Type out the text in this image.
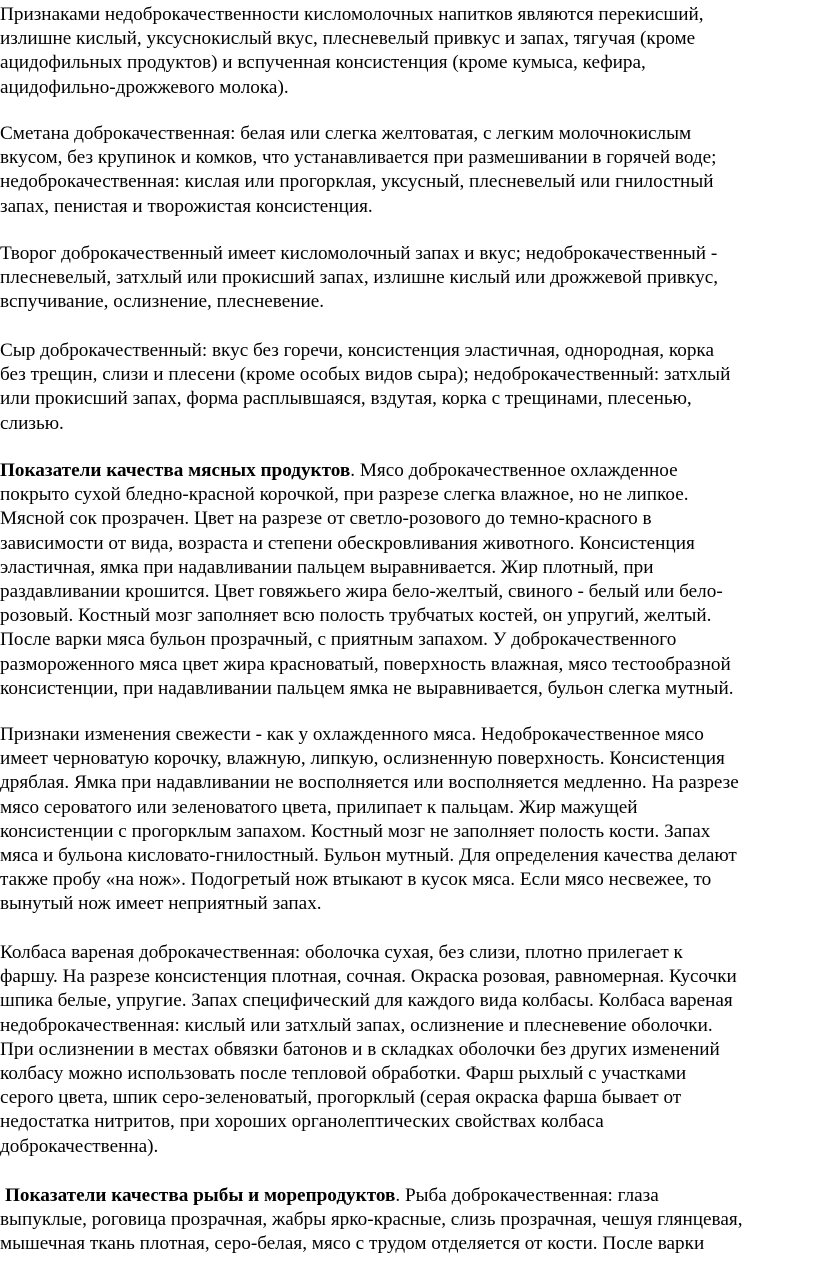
Признаками недоброкачественности кисломолочных напитков являются перекисший,
излишне кислый, уксуснокислый вкус, плесневелый привкус и запах, тягучая (кроме
ацидофильных продуктов) и вспученная консистенция (кроме кумыса, кефира,
ацидофильно-дрожжевого молока).
Сметана доброкачественная: белая или слегка желтоватая, с легким молочнокислым
вкусом, без крупинок и комков, что устанавливается при размешивании в горячей воде;
недоброкачественная: кислая или прогорклая, уксусный, плесневелый или гнилостный
запах, пенистая и творожистая консистенция.
Творог доброкачественный имеет кисломолочный запах и вкус; недоброкачественный -
плесневелый, затхлый или прокисший запах, излишне кислый или дрожжевой привкус,
вспучивание, ослизнение, плесневение.
Сыр доброкачественный: вкус без горечи, консистенция эластичная, однородная, корка
без трещин, слизи и плесени (кроме особых видов сыра); недоброкачественный: затхлый
или прокисший запах, форма расплывшаяся, вздутая, корка с трещинами, плесенью,
слизью.
Показатели качества мясных продуктов. Мясо доброкачественное охлажденное
покрыто сухой бледно-красной корочкой, при разрезе слегка влажное, но не липкое.
Мясной сок прозрачен. Цвет на разрезе от светло-розового до темно-красного в
зависимости от вида, возраста и степени обескровливания животного. Консистенция
эластичная, ямка при надавливании пальцем выравнивается. Жир плотный, при
раздавливании крошится. Цвет говяжьего жира бело-желтый, свиного - белый или бело-
розовый. Костный мозг заполняет всю полость трубчатых костей, он упругий, желтый.
После варки мяса бульон прозрачный, с приятным запахом. У доброкачественного
размороженного мяса цвет жира красноватый, поверхность влажная, мясо тестообразной
консистенции, при надавливании пальцем ямка не выравнивается, бульон слегка мутный.
Признаки изменения свежести - как у охлажденного мяса. Недоброкачественное мясо
имеет черноватую корочку, влажную, липкую, ослизненную поверхность. Консистенция
дряблая. Ямка при надавливании не восполняется или восполняется медленно. На разрезе
мясо сероватого или зеленоватого цвета, прилипает к пальцам. Жир мажущей
консистенции с прогорклым запахом. Костный мозг не заполняет полость кости. Запах
мяса и бульона кисловато-гнилостный. Бульон мутный. Для определения качества делают
также пробу «на нож». Подогретый нож втыкают в кусок мяса. Если мясо несвежее, то
вынутый нож имеет неприятный запах.
Колбаса вареная доброкачественная: оболочка сухая, без слизи, плотно прилегает к
фаршу. На разрезе консистенция плотная, сочная. Окраска розовая, равномерная. Кусочки
шпика белые, упругие. Запах специфический для каждого вида колбасы. Колбаса вареная
недоброкачественная: кислый или затхлый запах, ослизнение и плесневение оболочки.
При ослизнении в местах обвязки батонов и в складках оболочки без других изменений
колбасу можно использовать после тепловой обработки. Фарш рыхлый с участками
серого цвета, шпик серо-зеленоватый, прогорклый (серая окраска фарша бывает от
недостатка нитритов, при хороших органолептических свойствах колбаса
доброкачественна).
Показатели качества рыбы и морепродуктов. Рыба доброкачественная: глаза
выпуклые, роговица прозрачная, жабры ярко-красные, слизь прозрачная, чешуя глянцевая,
мышечная ткань плотная, серо-белая, мясо с трудом отделяется от кости. После варки
